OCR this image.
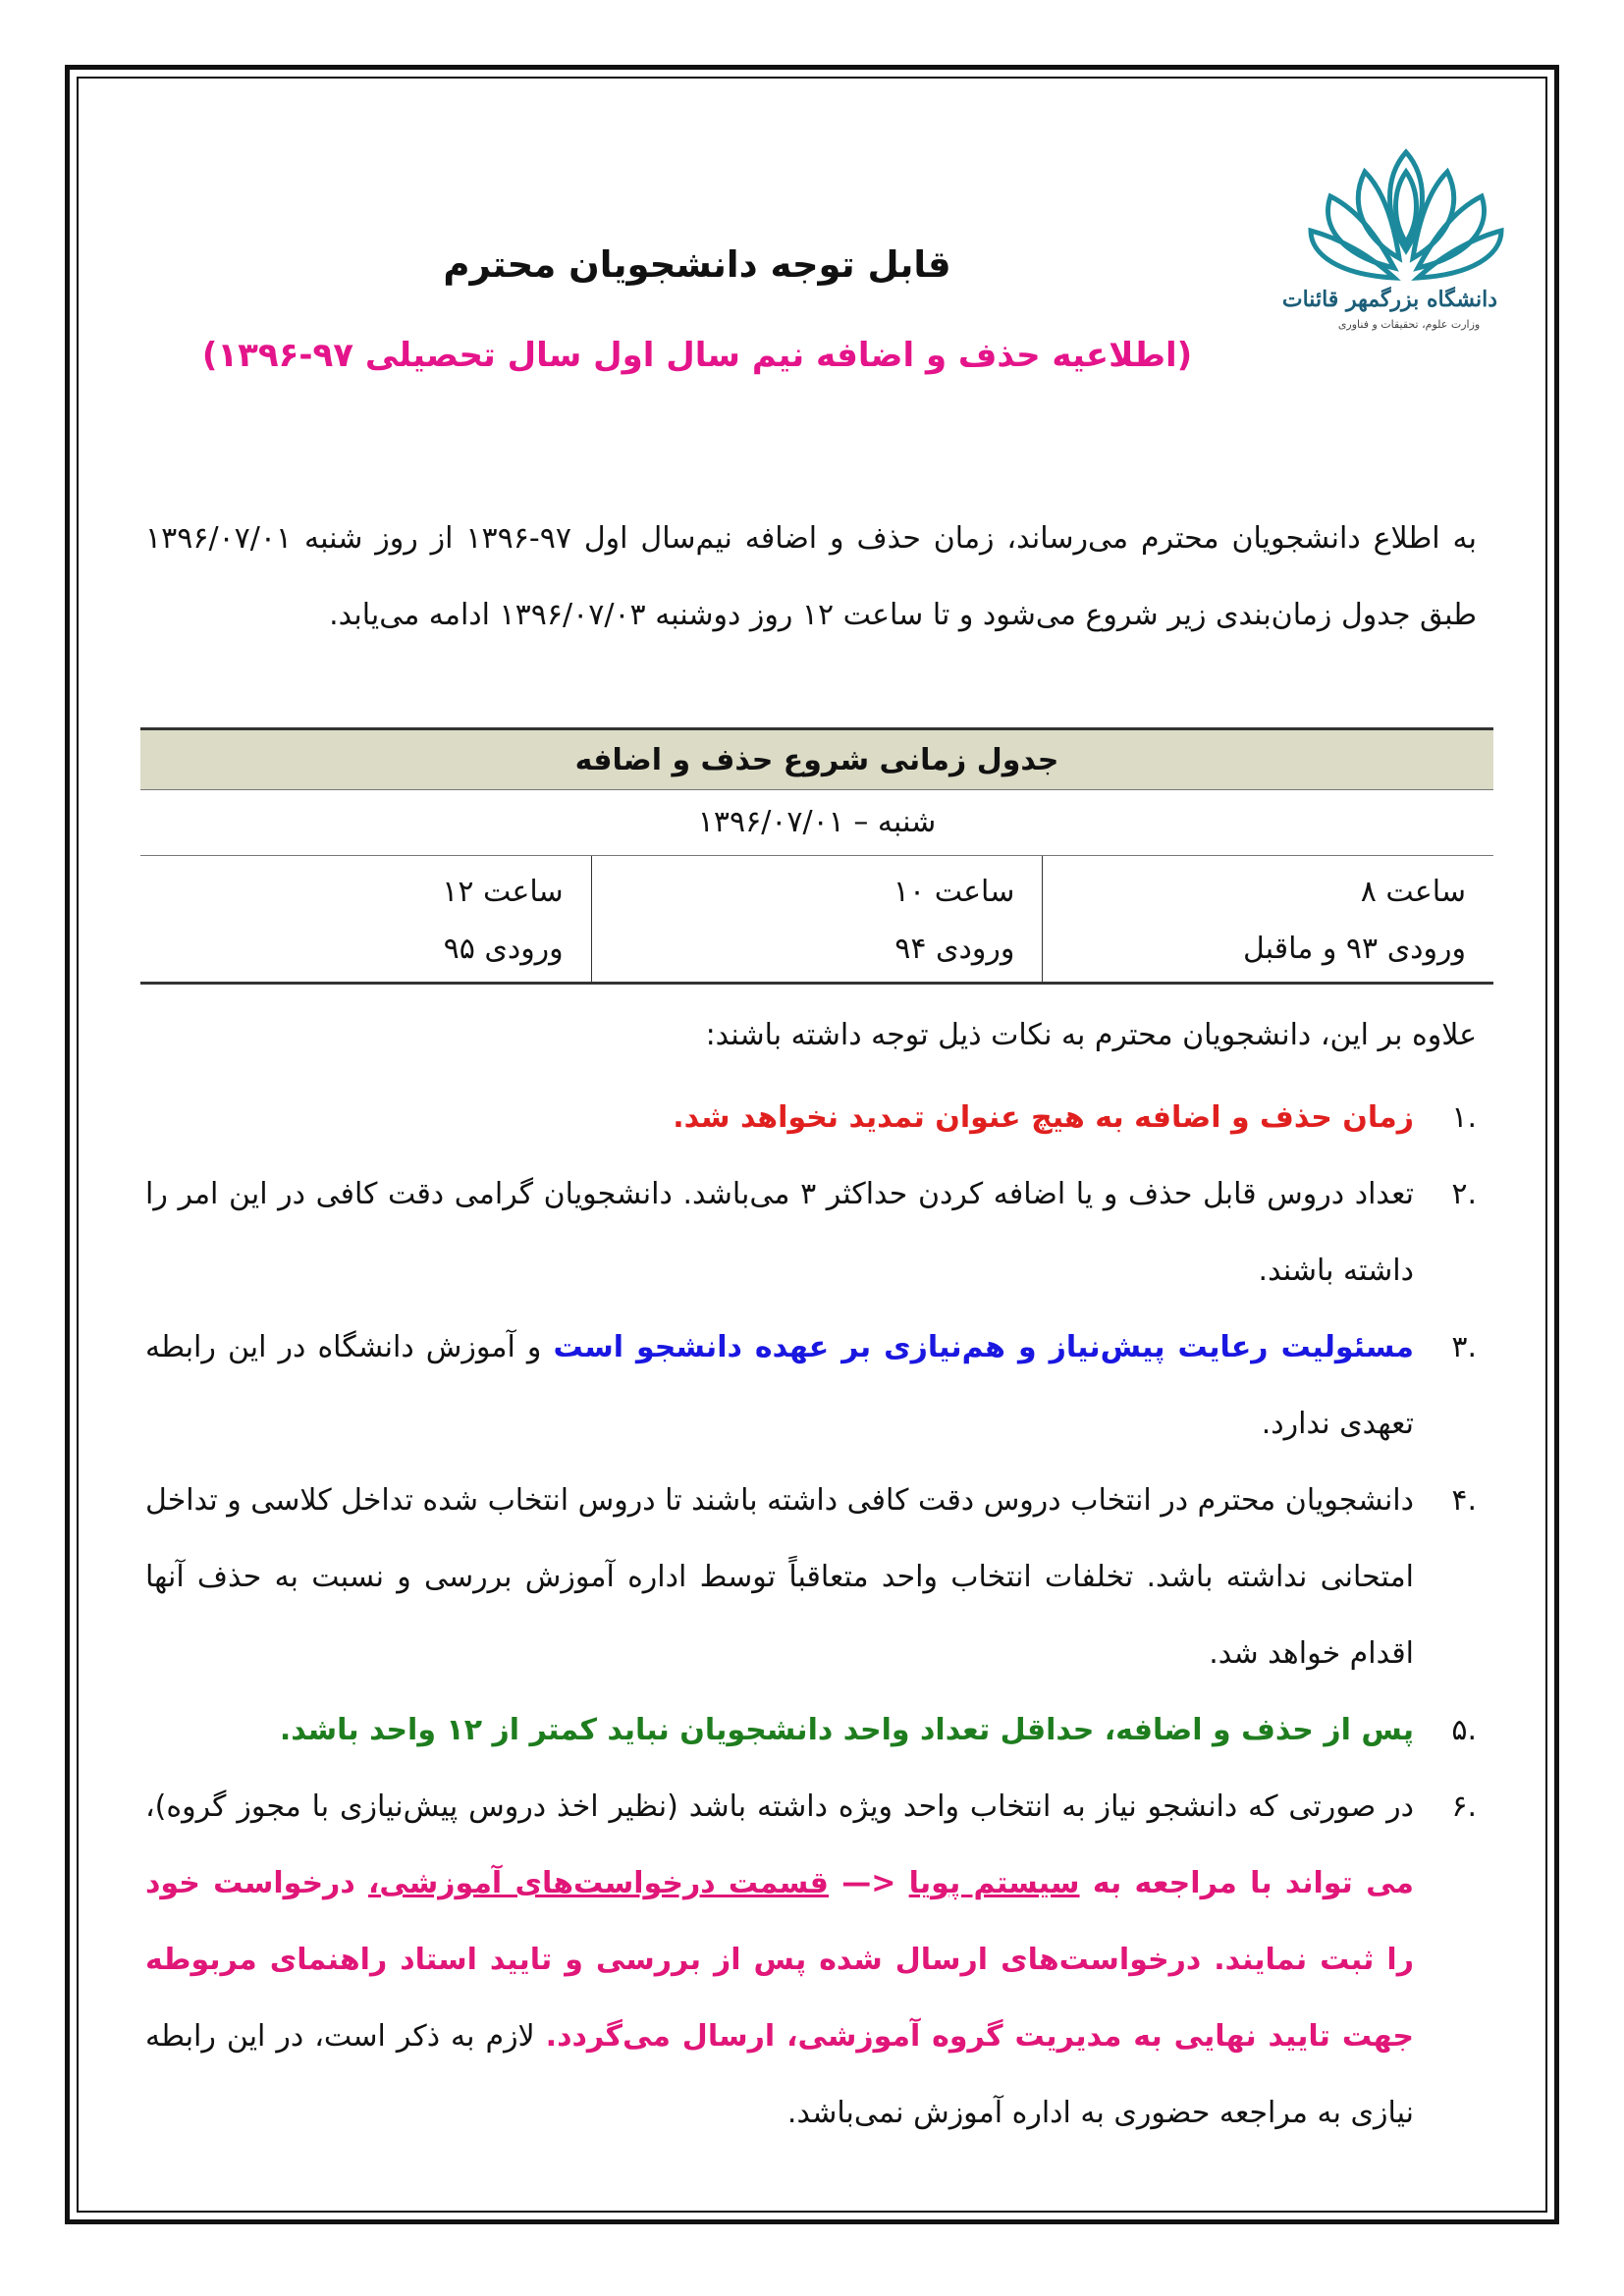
دانشگاه بزرگمهر قائنات
وزارت علوم، تحقیقات و فناوری
قابل توجه دانشجویان محترم
(اطلاعیه حذف و اضافه نیم سال اول سال تحصیلی ۹۷-۱۳۹۶)

به اطلاع دانشجویان محترم می‌رساند، زمان حذف و اضافه نیم‌سال اول ۹۷-۱۳۹۶ از روز شنبه ۱۳۹۶/۰۷/۰۱ طبق جدول زمان‌بندی زیر شروع می‌شود و تا ساعت ۱۲ روز دوشنبه ۱۳۹۶/۰۷/۰۳ ادامه می‌یابد.

جدول زمانی شروع حذف و اضافه
شنبه – ۱۳۹۶/۰۷/۰۱
ساعت ۸
ورودی ۹۳ و ماقبل
ساعت ۱۰
ورودی ۹۴
ساعت ۱۲
ورودی ۹۵
علاوه بر این، دانشجویان محترم به نکات ذیل توجه داشته باشند:
.۱
زمان حذف و اضافه به هیچ عنوان تمدید نخواهد شد.
.۲
تعداد دروس قابل حذف و یا اضافه کردن حداکثر ۳ می‌باشد. دانشجویان گرامی دقت کافی در این امر را داشته باشند.
.۳
مسئولیت رعایت پیش‌نیاز و هم‌نیازی بر عهده دانشجو است و آموزش دانشگاه در این رابطه تعهدی ندارد.
.۴
دانشجویان محترم در انتخاب دروس دقت کافی داشته باشند تا دروس انتخاب شده تداخل کلاسی و تداخل امتحانی نداشته باشد. تخلفات انتخاب واحد متعاقباً توسط اداره آموزش بررسی و نسبت به حذف آنها اقدام خواهد شد.
.۵
پس از حذف و اضافه، حداقل تعداد واحد دانشجویان نباید کمتر از ۱۲ واحد باشد.
.۶
در صورتی که دانشجو نیاز به انتخاب واحد ویژه داشته باشد (نظیر اخذ دروس پیش‌نیازی با مجوز گروه)، می تواند با مراجعه به سیستم پویا <— قسمت درخواست‌های آموزشی، درخواست خود را ثبت نمایند. درخواست‌های ارسال شده پس از بررسی و تایید استاد راهنمای مربوطه جهت تایید نهایی به مدیریت گروه آموزشی، ارسال می‌گردد. لازم به ذکر است، در این رابطه نیازی به مراجعه حضوری به اداره آموزش نمی‌باشد.
